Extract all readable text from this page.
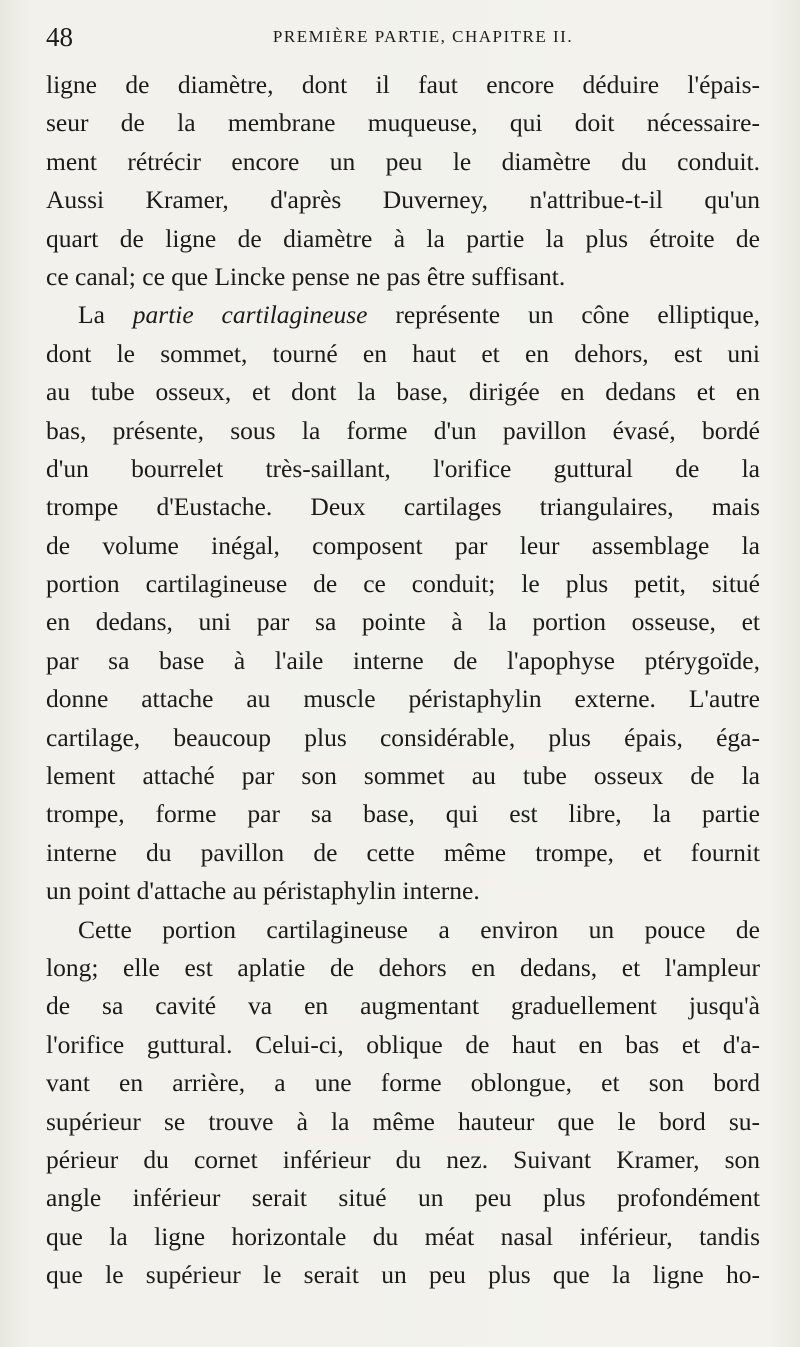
48	PREMIÈRE PARTIE, CHAPITRE II.
ligne de diamètre, dont il faut encore déduire l'épais-
seur de la membrane muqueuse, qui doit nécessaire-
ment rétrécir encore un peu le diamètre du conduit.
Aussi Kramer, d'après Duverney, n'attribue-t-il qu'un
quart de ligne de diamètre à la partie la plus étroite de
ce canal; ce que Lincke pense ne pas être suffisant.
La partie cartilagineuse représente un cône elliptique,
dont le sommet, tourné en haut et en dehors, est uni
au tube osseux, et dont la base, dirigée en dedans et en
bas, présente, sous la forme d'un pavillon évasé, bordé
d'un bourrelet très-saillant, l'orifice guttural de la
trompe d'Eustache. Deux cartilages triangulaires, mais
de volume inégal, composent par leur assemblage la
portion cartilagineuse de ce conduit; le plus petit, situé
en dedans, uni par sa pointe à la portion osseuse, et
par sa base à l'aile interne de l'apophyse ptérygoïde,
donne attache au muscle péristaphylin externe. L'autre
cartilage, beaucoup plus considérable, plus épais, éga-
lement attaché par son sommet au tube osseux de la
trompe, forme par sa base, qui est libre, la partie
interne du pavillon de cette même trompe, et fournit
un point d'attache au péristaphylin interne.
Cette portion cartilagineuse a environ un pouce de
long; elle est aplatie de dehors en dedans, et l'ampleur
de sa cavité va en augmentant graduellement jusqu'à
l'orifice guttural. Celui-ci, oblique de haut en bas et d'a-
vant en arrière, a une forme oblongue, et son bord
supérieur se trouve à la même hauteur que le bord su-
périeur du cornet inférieur du nez. Suivant Kramer, son
angle inférieur serait situé un peu plus profondément
que la ligne horizontale du méat nasal inférieur, tandis
que le supérieur le serait un peu plus que la ligne ho-
